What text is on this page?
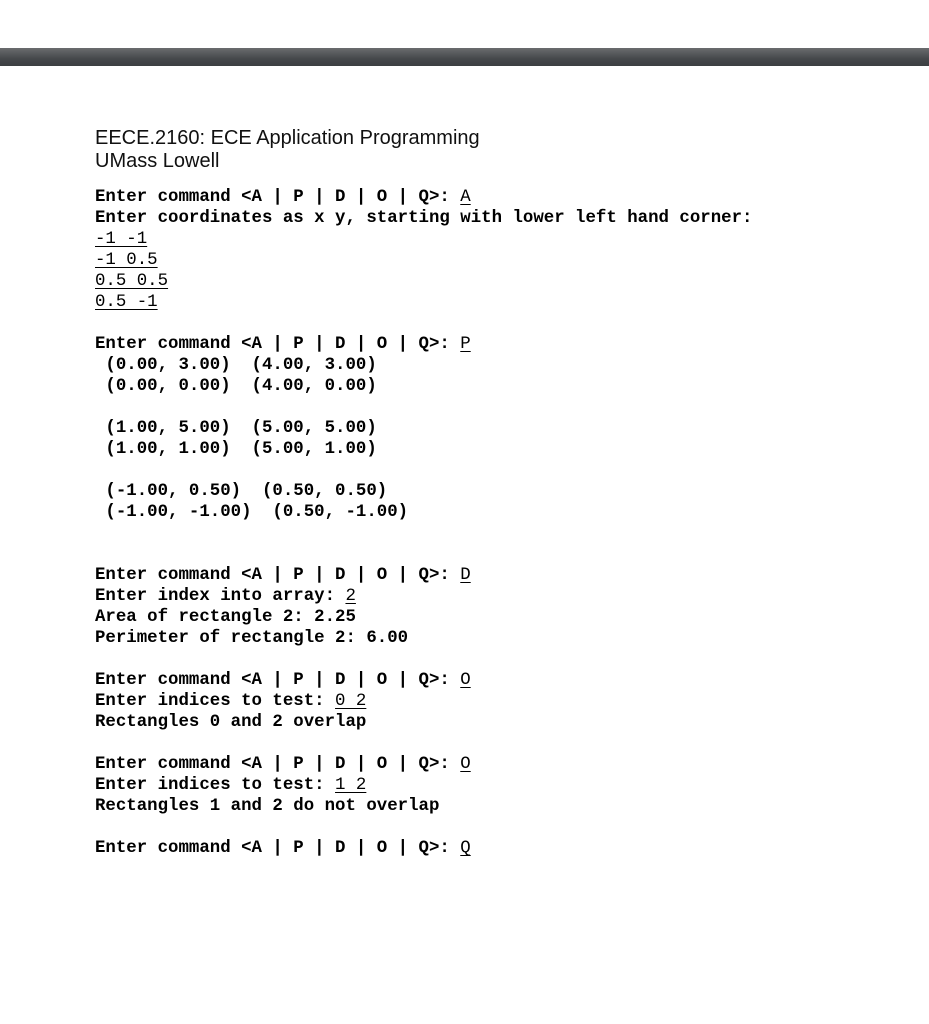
EECE.2160: ECE Application Programming
UMass Lowell
Enter command <A | P | D | O | Q>: A
Enter coordinates as x y, starting with lower left hand corner:
-1 -1
-1 0.5
0.5 0.5
0.5 -1
Enter command <A | P | D | O | Q>: P
(0.00, 3.00)  (4.00, 3.00)
(0.00, 0.00)  (4.00, 0.00)
(1.00, 5.00)  (5.00, 5.00)
(1.00, 1.00)  (5.00, 1.00)
(-1.00, 0.50)  (0.50, 0.50)
(-1.00, -1.00)  (0.50, -1.00)
Enter command <A | P | D | O | Q>: D
Enter index into array: 2
Area of rectangle 2: 2.25
Perimeter of rectangle 2: 6.00
Enter command <A | P | D | O | Q>: O
Enter indices to test: 0 2
Rectangles 0 and 2 overlap
Enter command <A | P | D | O | Q>: O
Enter indices to test: 1 2
Rectangles 1 and 2 do not overlap
Enter command <A | P | D | O | Q>: Q
